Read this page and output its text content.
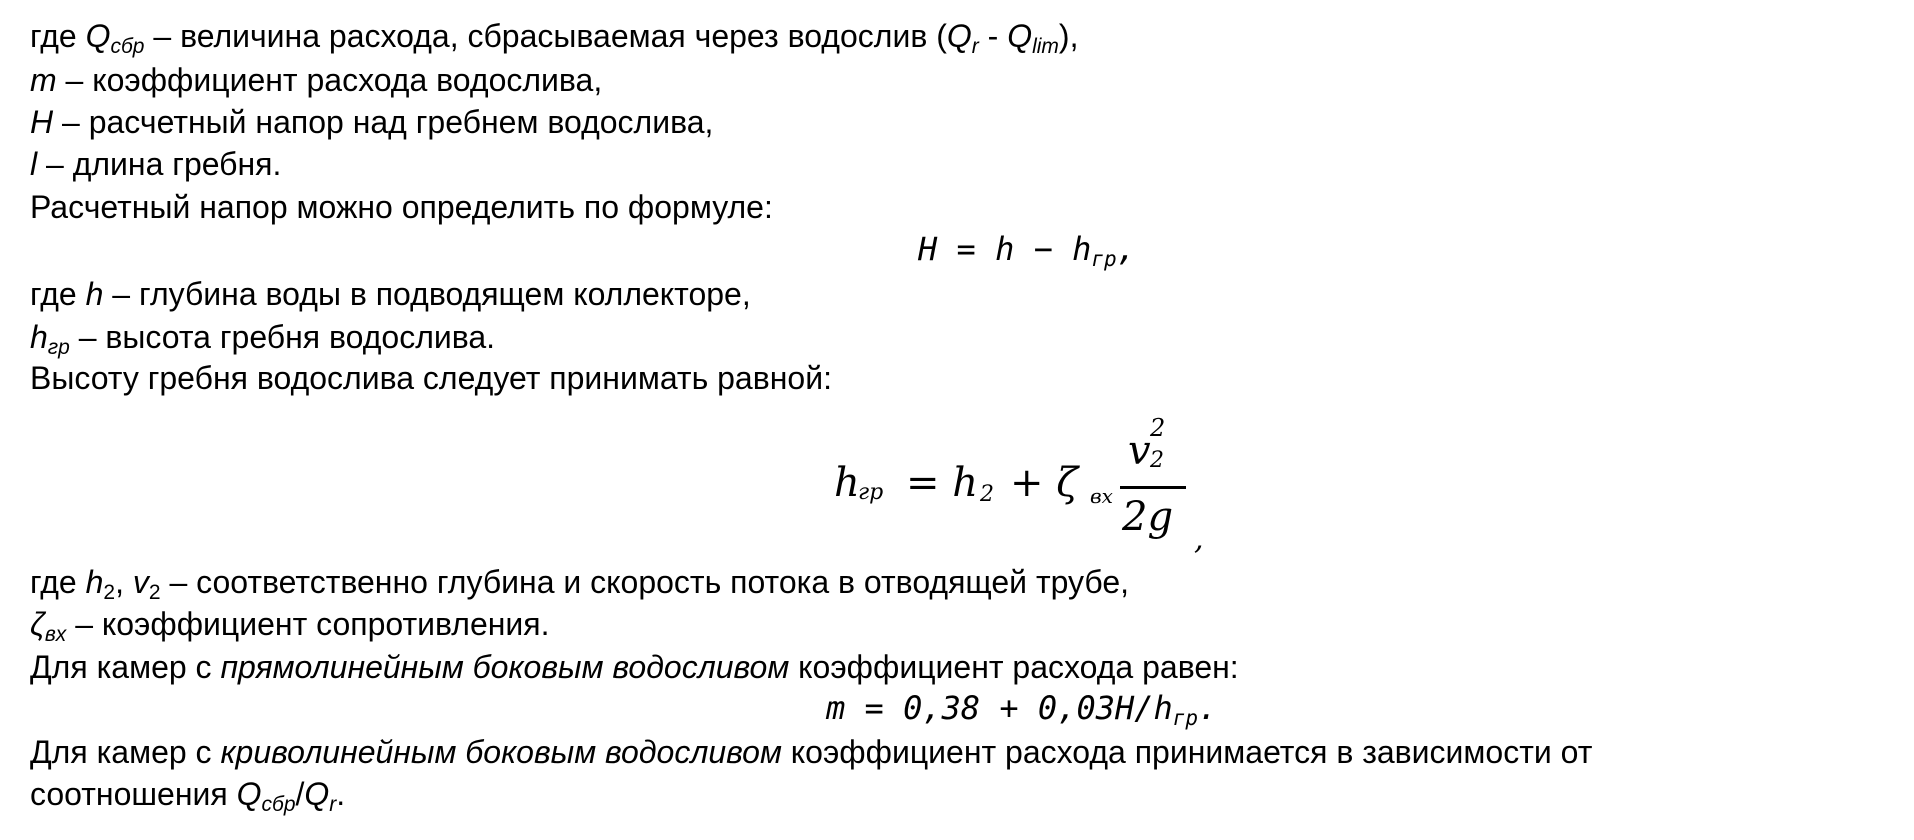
где $Q_{сбр}$ – величина расхода, сбрасываемая через водослив $(Q_r - Q_{lim})$,
m – коэффициент расхода водослива,
H – расчетный напор над гребнем водослива,
l – длина гребня.
Расчетный напор можно определить по формуле:
$H = h - h_{гр}$,
где h – глубина воды в подводящем коллекторе,
$h_{гр}$ – высота гребня водослива.
Высоту гребня водослива следует принимать равной:
h
гр = h 2 + ζ вх
v 2
2
2g ,
где h2, v2 – соответственно глубина и скорость потока в отводящей трубе,
$\zeta_{вх}$ – коэффициент сопротивления.
Для камер с прямолинейным боковым водосливом коэффициент расхода равен:
$m = 0,38 + 0,03H/h_{гр}$.
Для камер с криволинейным боковым водосливом коэффициент расхода принимается в зависимости от
соотношения $Q_{сбр}/Q_r$.
